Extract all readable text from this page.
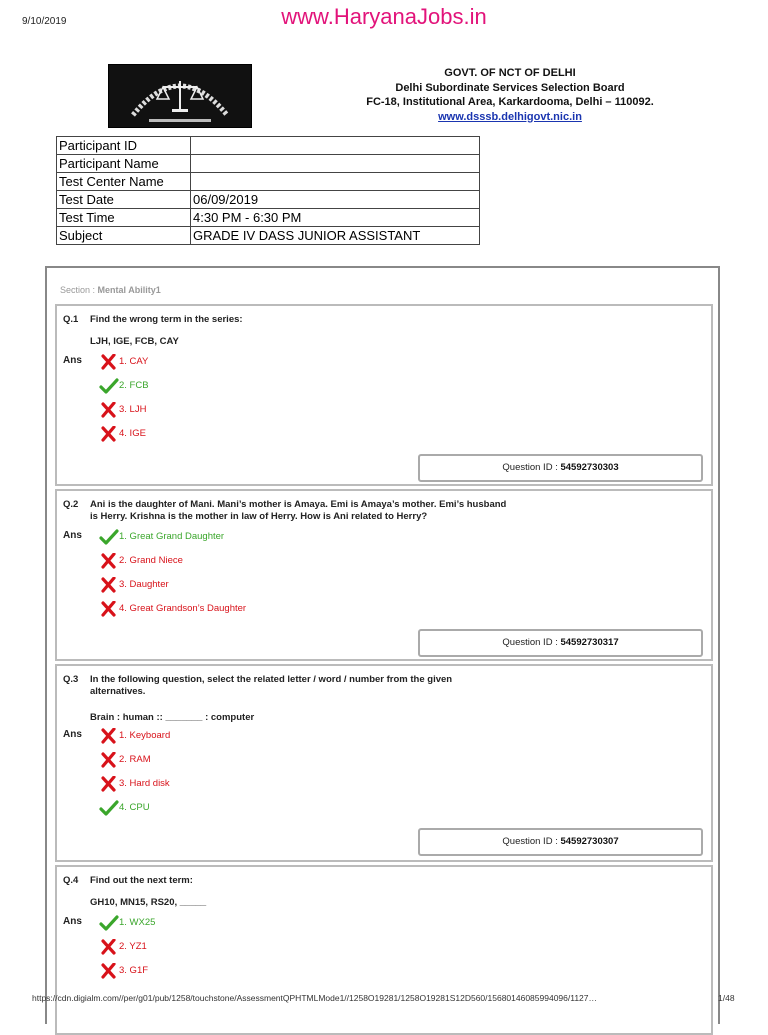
9/10/2019	www.HaryanaJobs.in
GOVT. OF NCT OF DELHI
Delhi Subordinate Services Selection Board
FC-18, Institutional Area, Karkardooma, Delhi – 110092.
www.dsssb.delhigovt.nic.in
Participant ID	
Participant Name	
Test Center Name	
Test Date	06/09/2019
Test Time	4:30 PM - 6:30 PM
Subject	GRADE IV DASS JUNIOR ASSISTANT
Section : Mental Ability1
Q.1 Find the wrong term in the series:
LJH, IGE, FCB, CAY
Ans	1. CAY
2. FCB
3. LJH
4. IGE
Question ID : 54592730303
Q.2 Ani is the daughter of Mani. Mani’s mother is Amaya. Emi is Amaya’s mother. Emi’s husband is Herry. Krishna is the mother in law of Herry. How is Ani related to Herry?
Ans	1. Great Grand Daughter
2. Grand Niece
3. Daughter
4. Great Grandson’s Daughter
Question ID : 54592730317
Q.3 In the following question, select the related letter / word / number from the given alternatives.
Brain : human :: _______ : computer
Ans	1. Keyboard
2. RAM
3. Hard disk
4. CPU
Question ID : 54592730307
Q.4 Find out the next term:
GH10, MN15, RS20, _____
Ans	1. WX25
2. YZ1
3. G1F
https://cdn.digialm.com//per/g01/pub/1258/touchstone/AssessmentQPHTMLMode1//1258O19281/1258O19281S12D560/15680146085994096/1127…	1/48
